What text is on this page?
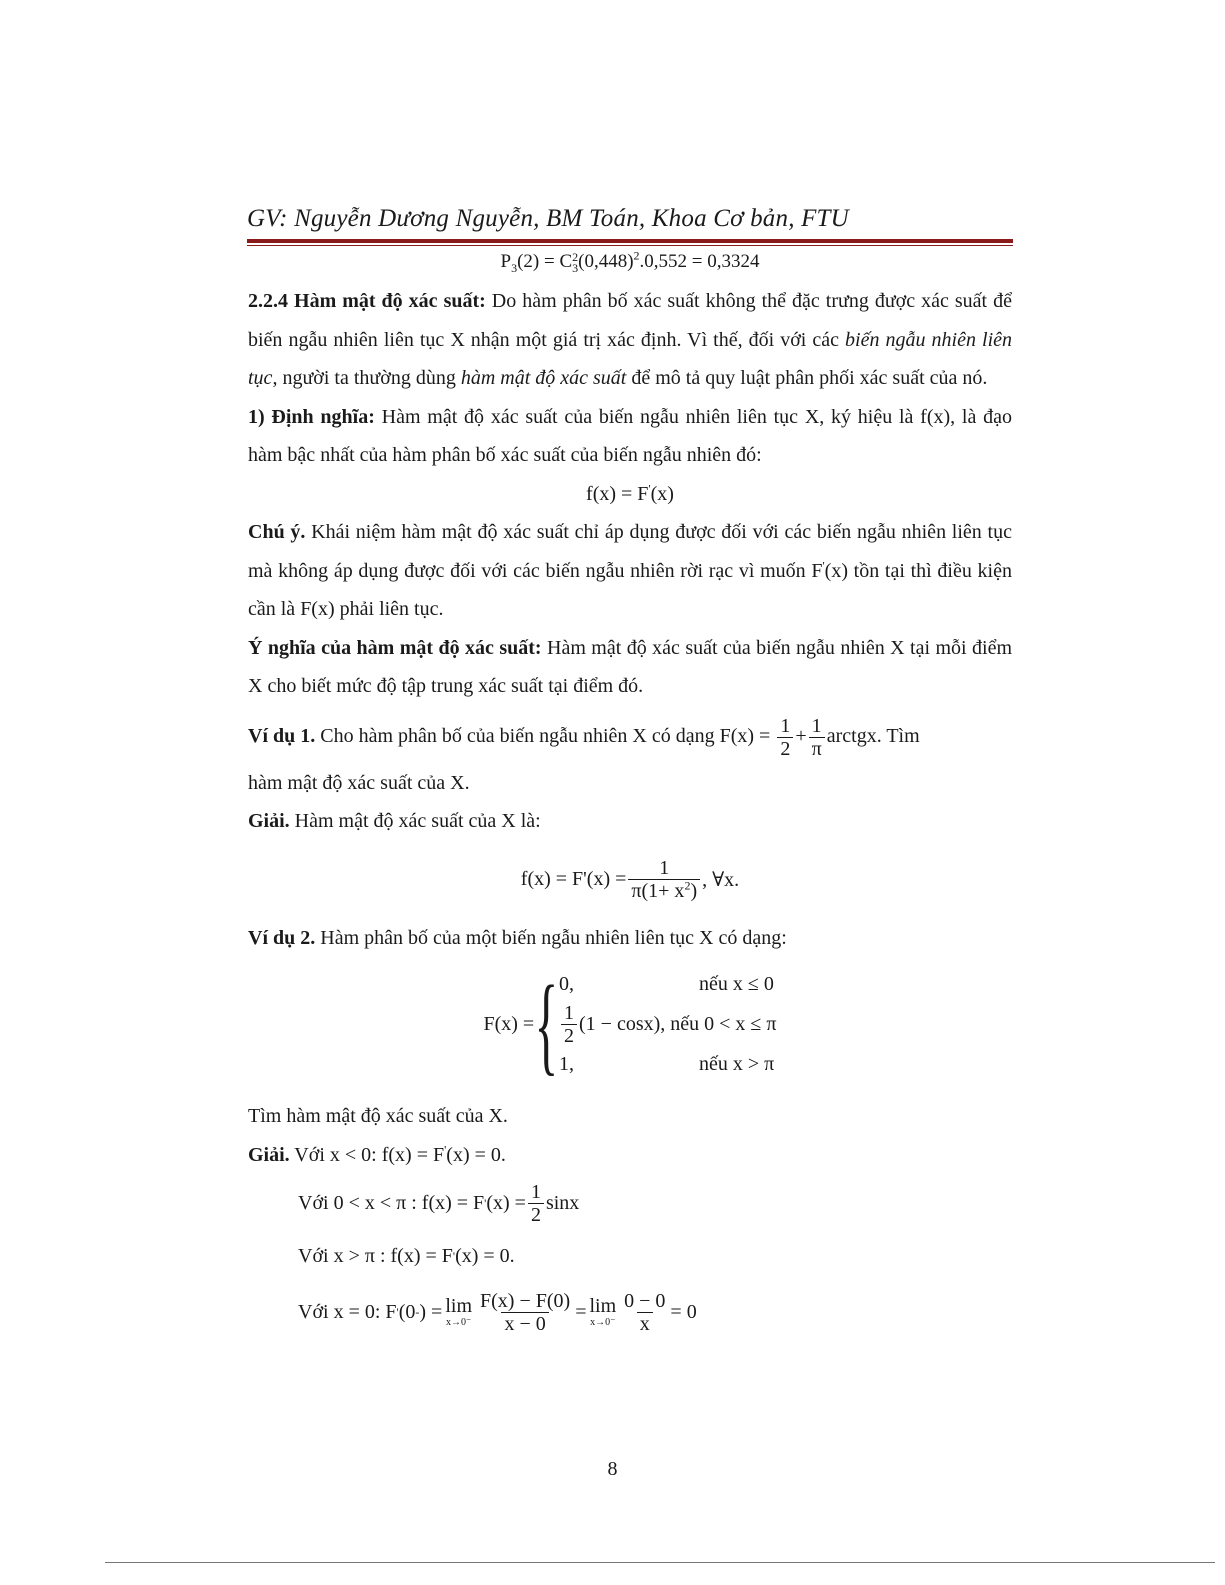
GV: Nguyễn Dương Nguyễn, BM Toán, Khoa Cơ bản, FTU

$P_3(2) = C$ 2
3 $(0,448)^2.0,552 = 0,3324$

2.2.4 Hàm mật độ xác suất: Do hàm phân bố xác suất không thể đặc trưng được xác suất để biến ngẫu nhiên liên tục X nhận một giá trị xác định. Vì thế, đối với các biến ngẫu nhiên liên tục, người ta thường dùng hàm mật độ xác suất để mô tả quy luật phân phối xác suất của nó.

1) Định nghĩa: Hàm mật độ xác suất của biến ngẫu nhiên liên tục X, ký hiệu là f(x), là đạo hàm bậc nhất của hàm phân bố xác suất của biến ngẫu nhiên đó:

f(x) = F'(x)

Chú ý. Khái niệm hàm mật độ xác suất chỉ áp dụng được đối với các biến ngẫu nhiên liên tục mà không áp dụng được đối với các biến ngẫu nhiên rời rạc vì muốn F'(x) tồn tại thì điều kiện cần là F(x) phải liên tục.

Ý nghĩa của hàm mật độ xác suất: Hàm mật độ xác suất của biến ngẫu nhiên X tại mỗi điểm X cho biết mức độ tập trung xác suất tại điểm đó.

Ví dụ 1. Cho hàm phân bố của biến ngẫu nhiên X có dạng $F(x) = \frac{1}{2} + \frac{1}{\pi}$ arctgx. Tìm

hàm mật độ xác suất của X.

Giải. Hàm mật độ xác suất của X là:

$f(x) = F'(x) = \frac{1}{\pi(1+ x^2)}$ , ∀x.

Ví dụ 2. Hàm phân bố của một biến ngẫu nhiên liên tục X có dạng:

F(x) = { 0,	nếu x ≤ 0
$\frac{1}{2} (1 - \cos x)$, nếu 0 < x ≤ π
1,	nếu x > π

Tìm hàm mật độ xác suất của X.

Giải. Với x < 0: f(x) = F'(x) = 0.

Với 0 < x < π : f(x) = F ' $(x) = \frac{1}{2}$ sinx
Với x > π : f(x) = F ' (x) = 0.
Với x = 0: F ' (0 - ) = lim
$x\to 0^- \frac{F(x) - F(0)}{x - 0} = \lim$
$x\to 0^- \frac{0 - 0}{x} = 0$
8
